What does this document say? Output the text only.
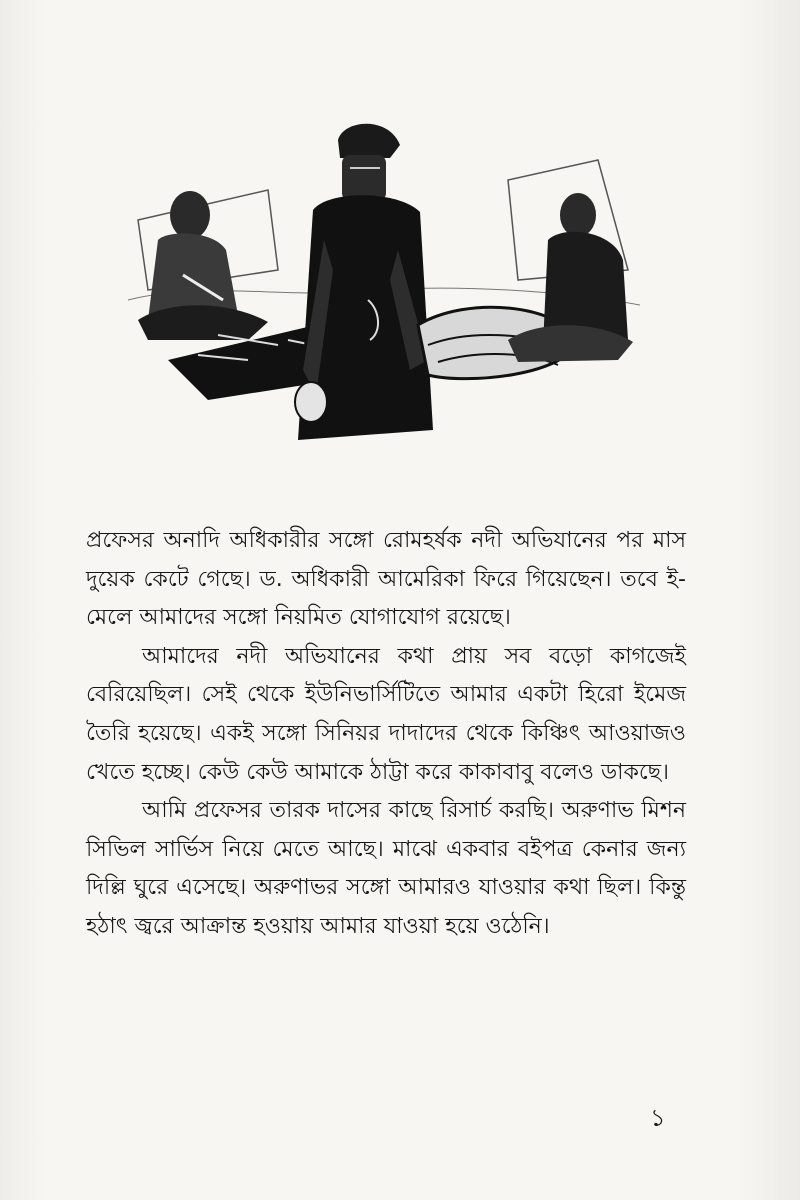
প্রফেসর অনাদি অধিকারীর সঙ্গো রোমহর্ষক নদী অভিযানের পর মাস দুয়েক কেটে গেছে। ড. অধিকারী আমেরিকা ফিরে গিয়েছেন। তবে ই-মেলে আমাদের সঙ্গো নিয়মিত যোগাযোগ রয়েছে।

আমাদের নদী অভিযানের কথা প্রায় সব বড়ো কাগজেই বেরিয়েছিল। সেই থেকে ইউনিভার্সিটিতে আমার একটা হিরো ইমেজ তৈরি হয়েছে। একই সঙ্গো সিনিয়র দাদাদের থেকে কিঞ্চিৎ আওয়াজও খেতে হচ্ছে। কেউ কেউ আমাকে ঠাট্টা করে কাকাবাবু বলেও ডাকছে।

আমি প্রফেসর তারক দাসের কাছে রিসার্চ করছি। অরুণাভ মিশন সিভিল সার্ভিস নিয়ে মেতে আছে। মাঝে একবার বইপত্র কেনার জন্য দিল্লি ঘুরে এসেছে। অরুণাভর সঙ্গো আমারও যাওয়ার কথা ছিল। কিন্তু হঠাৎ জ্বরে আক্রান্ত হওয়ায় আমার যাওয়া হয়ে ওঠেনি।

১
